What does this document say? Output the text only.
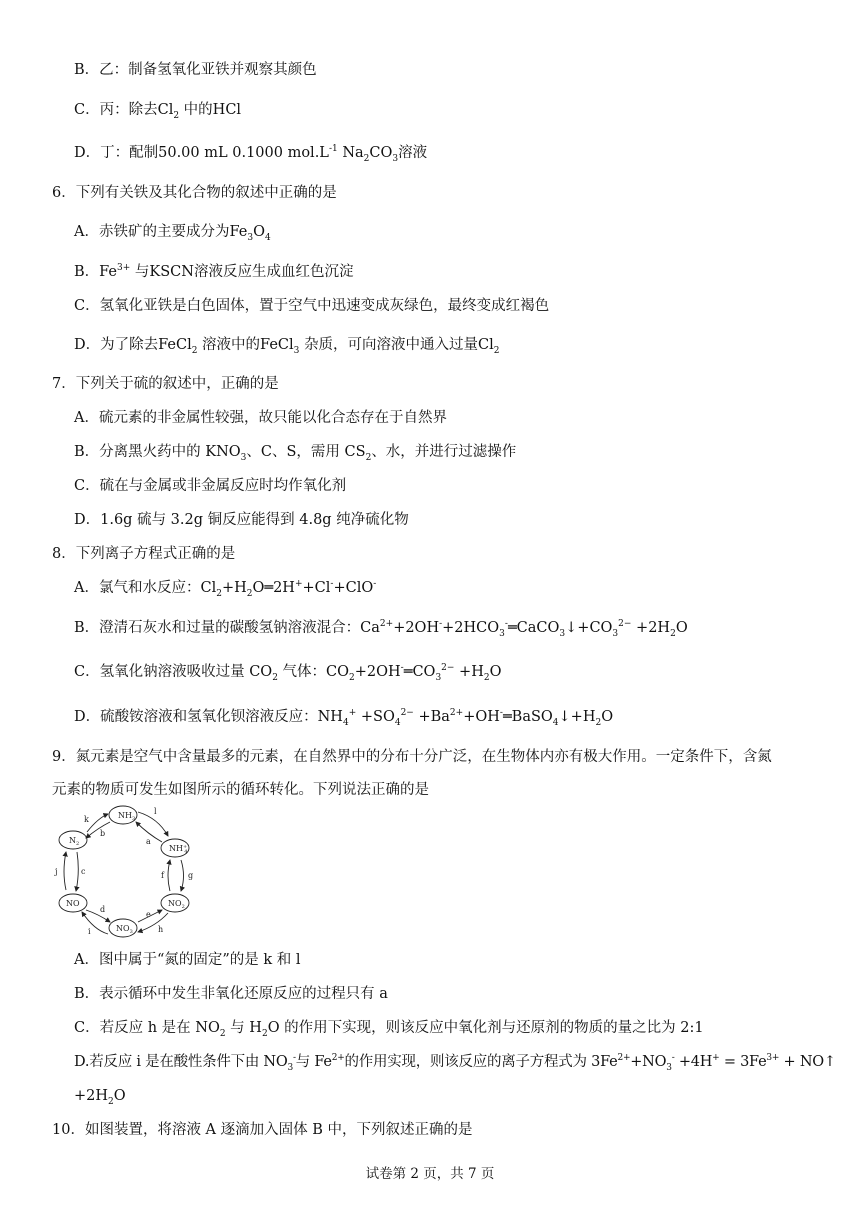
B．乙：制备氢氧化亚铁并观察其颜色
C．丙：除去$Cl_2$ 中的HCl
D．丁：配制50.00 mL 0.1000 $mol.L^{-1}$ $Na_2CO_3$溶液
6．下列有关铁及其化合物的叙述中正确的是
A．赤铁矿的主要成分为$Fe_3O_4$
B．$Fe^{3+}$ 与KSCN溶液反应生成血红色沉淀
C．氢氧化亚铁是白色固体，置于空气中迅速变成灰绿色，最终变成红褐色
D．为了除去FeCl$_2$ 溶液中的FeCl$_3$ 杂质，可向溶液中通入过量$Cl_2$
7．下列关于硫的叙述中，正确的是
A．硫元素的非金属性较强，故只能以化合态存在于自然界
B．分离黑火药中的 $KNO_3$、C、S，需用 $CS_2$、水，并进行过滤操作
C．硫在与金属或非金属反应时均作氧化剂
D．1.6g 硫与 3.2g 铜反应能得到 4.8g 纯净硫化物
8．下列离子方程式正确的是
A．氯气和水反应：$Cl_2+H_2O═2H^++Cl^-+ClO^-$
B．澄清石灰水和过量的碳酸氢钠溶液混合：$Ca^{2+}+2OH^-+2HCO_3^-═CaCO_3↓+CO_3^{2-} +2H_2O$
C．氢氧化钠溶液吸收过量 $CO_2$ 气体：$CO_2+2OH^-═CO_3^{2-} +H_2O$
D．硫酸铵溶液和氢氧化钡溶液反应：$NH_4^+ +SO_4^{2-}$ $+Ba^{2+}+OH^-═BaSO_4↓+H_2O$
9．氮元素是空气中含量最多的元素，在自然界中的分布十分广泛，在生物体内亦有极大作用。一定条件下，含氮
元素的物质可发生如图所示的循环转化。下列说法正确的是
$NH_3$
NH+ 4
$N_2$
NO	$NO_2$
$NO_3$
k
b
l
a
j	c	f	g
d
i
e
h
A．图中属于“氮的固定”的是 k 和 l
B．表示循环中发生非氧化还原反应的过程只有 a
C．若反应 h 是在 $NO_2$ 与 $H_2O$ 的作用下实现，则该反应中氧化剂与还原剂的物质的量之比为 2:1
D.若反应 i 是在酸性条件下由 $NO_3^-$与 $Fe^{2+}$的作用实现，则该反应的离子方程式为 $3Fe^{2+}+NO_3^- +4H^+ = 3Fe^{3+}$ + NO↑
$+2H_2O$
10．如图装置，将溶液 A 逐滴加入固体 B 中，下列叙述正确的是
试卷第 2 页，共 7 页
